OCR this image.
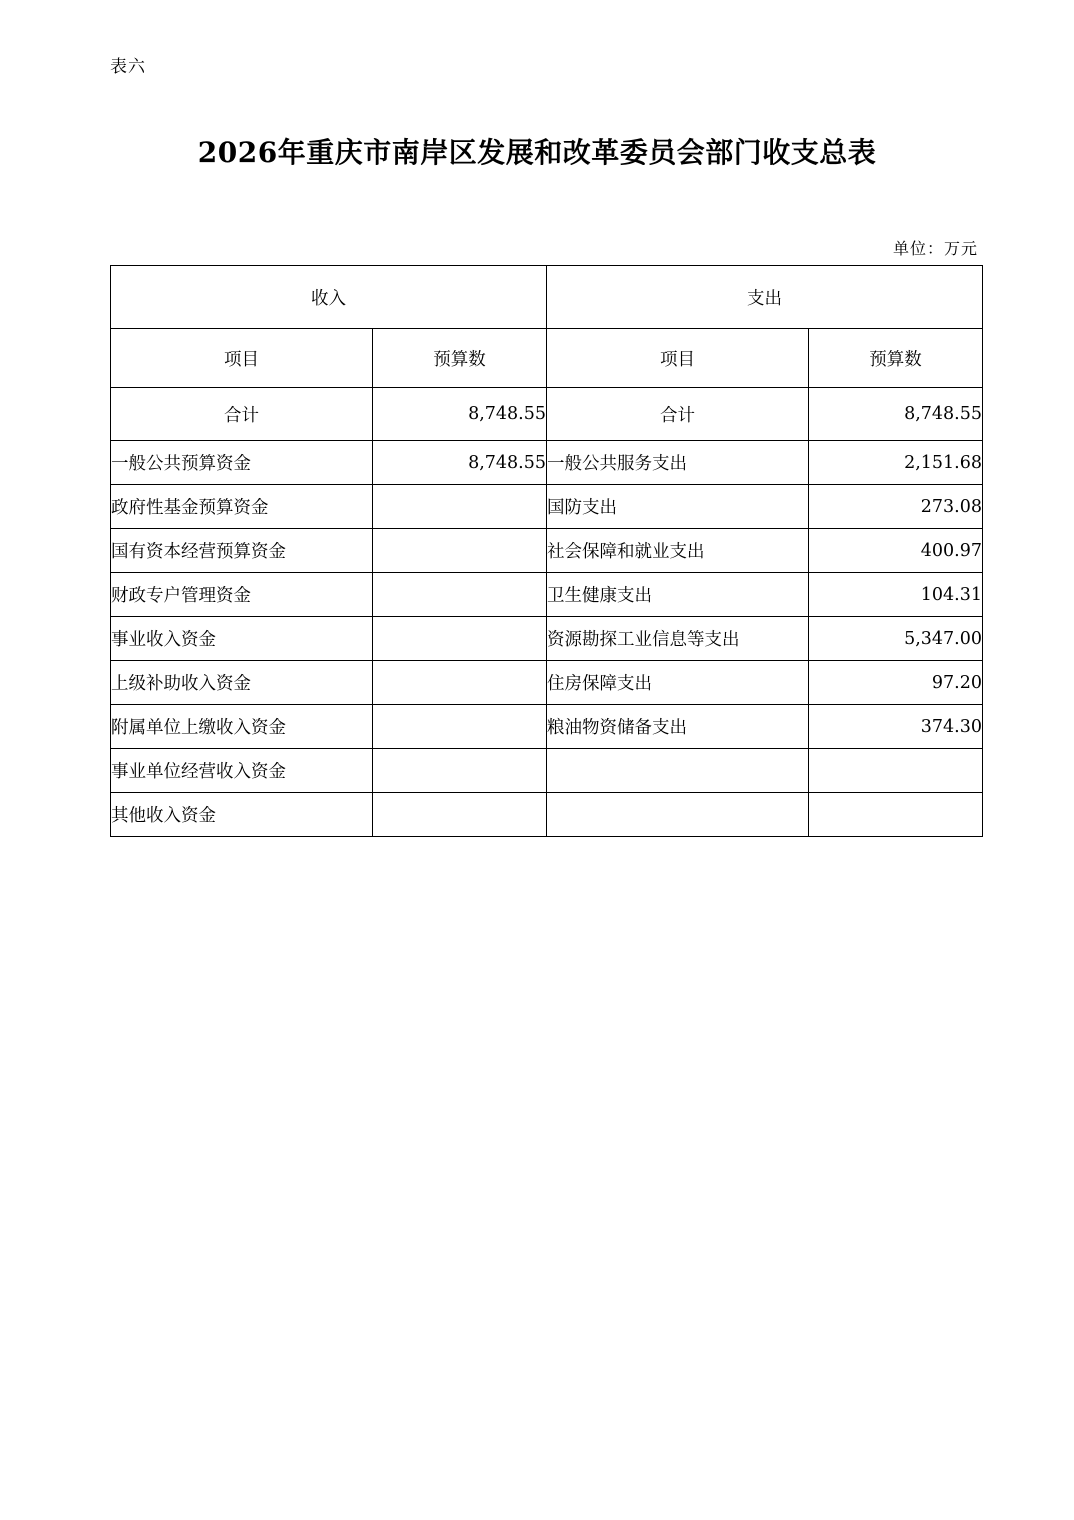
表六
2026年重庆市南岸区发展和改革委员会部门收支总表
单位：万元
收入		支出	
项目	预算数	项目	预算数
合计	8,748.55	合计	8,748.55
一般公共预算资金	8,748.55	一般公共服务支出	2,151.68
政府性基金预算资金		国防支出	273.08
国有资本经营预算资金		社会保障和就业支出	400.97
财政专户管理资金		卫生健康支出	104.31
事业收入资金		资源勘探工业信息等支出	5,347.00
上级补助收入资金		住房保障支出	97.20
附属单位上缴收入资金		粮油物资储备支出	374.30
事业单位经营收入资金			
其他收入资金			
